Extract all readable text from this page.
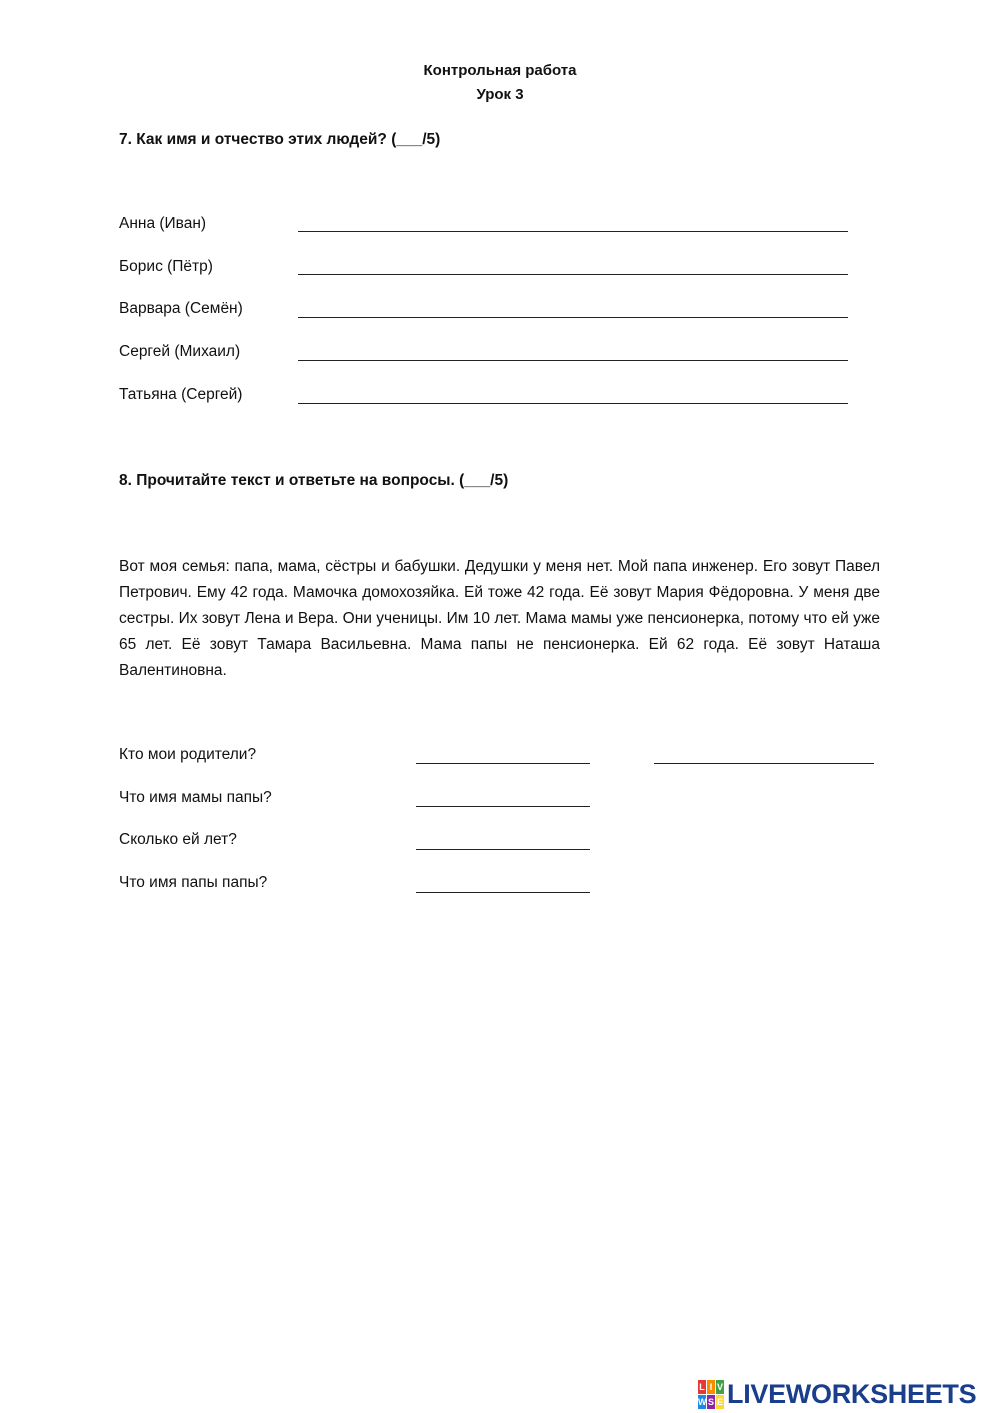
Контрольная работа
Урок 3
7. Как имя и отчество этих людей? (___/5)
Анна (Иван)
Борис (Пётр)
Варвара (Семён)
Сергей (Михаил)
Татьяна (Сергей)
8. Прочитайте текст и ответьте на вопросы. (___/5)

Вот моя семья: папа, мама, сёстры и бабушки. Дедушки у меня нет. Мой папа инженер. Его зовут Павел Петрович. Ему 42 года. Мамочка домохозяйка. Ей тоже 42 года. Её зовут Мария Фёдоровна. У меня две сестры. Их зовут Лена и Вера. Они ученицы. Им 10 лет. Мама мамы уже пенсионерка, потому что ей уже 65 лет. Её зовут Тамара Васильевна. Мама папы не пенсионерка. Ей 62 года. Её зовут Наташа Валентиновна.

Кто мои родители?
Что имя мамы папы?
Сколько ей лет?
Что имя папы папы?
L I V
W S E LIVEWORKSHEETS
